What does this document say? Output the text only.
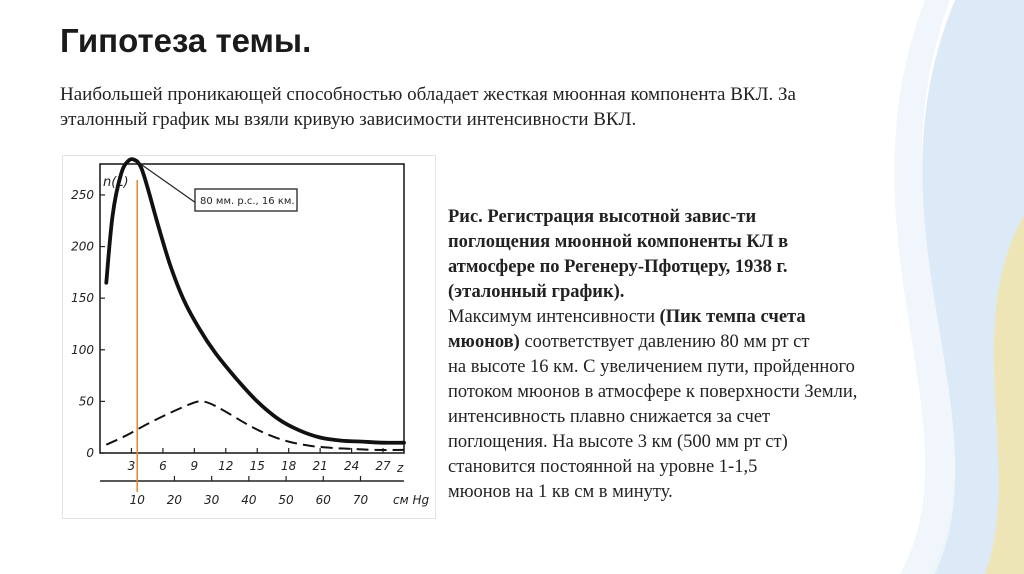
Гипотеза темы.
Наибольшей проникающей способностью обладает жесткая мюонная компонента ВКЛ. За
эталонный график мы взяли кривую зависимости интенсивности ВКЛ.
n(L)
0
50
100
150
200
250
3 6 9 12 15 18 21 24 27
10 20 30 40 50 60 70
z
см Hg
80 мм. р.с., 16 км.

Рис. Регистрация высотной завис-ти

поглощения мюонной компоненты КЛ в

атмосфере по Регенеру-Пфотцеру, 1938 г.

(эталонный график).

Максимум интенсивности (Пик темпа счета

мюонов) соответствует давлению 80 мм рт ст

на высоте 16 км. С увеличением пути, пройденного

потоком мюонов в атмосфере к поверхности Земли,

интенсивность плавно снижается за счет

поглощения. На высоте 3 км (500 мм рт ст)

становится постоянной на уровне 1-1,5

мюонов на 1 кв см в минуту.
